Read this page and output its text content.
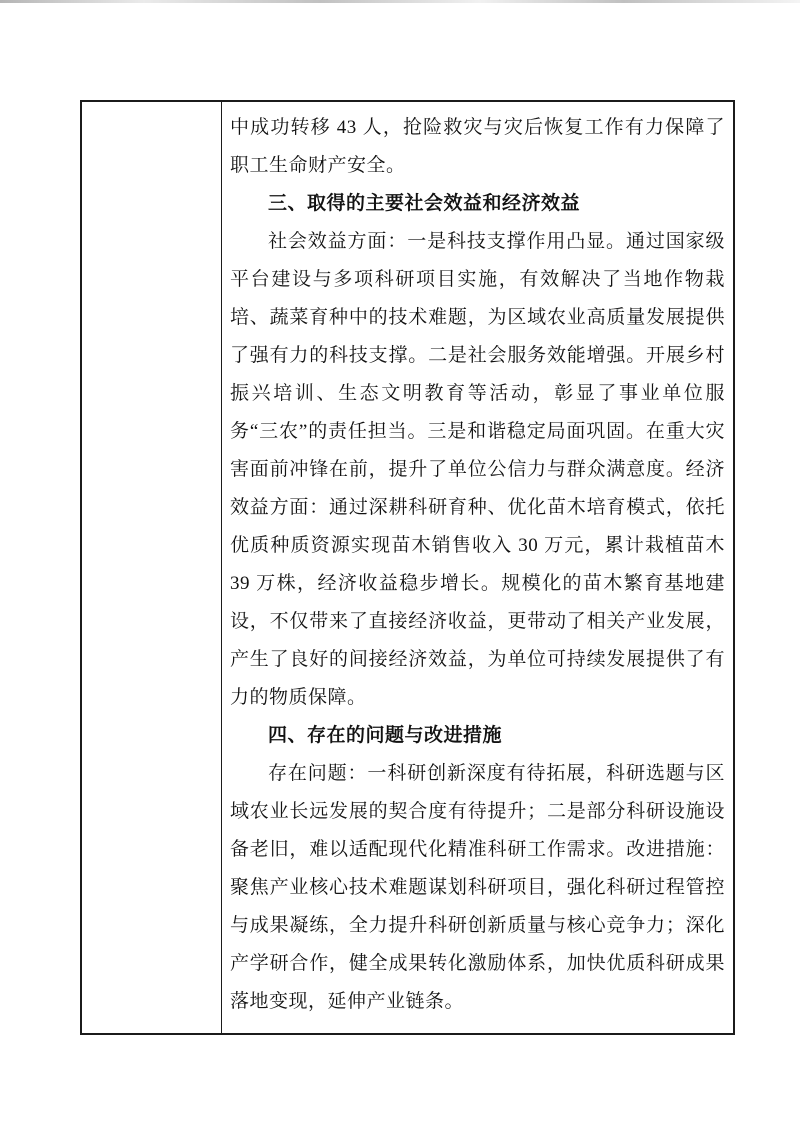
中成功转移 43 人，抢险救灾与灾后恢复工作有力保障了职工生命财产安全。

三、取得的主要社会效益和经济效益

社会效益方面：一是科技支撑作用凸显。通过国家级平台建设与多项科研项目实施，有效解决了当地作物栽培、蔬菜育种中的技术难题，为区域农业高质量发展提供了强有力的科技支撑。二是社会服务效能增强。开展乡村振兴培训、生态文明教育等活动，彰显了事业单位服务“三农”的责任担当。三是和谐稳定局面巩固。在重大灾害面前冲锋在前，提升了单位公信力与群众满意度。经济效益方面：通过深耕科研育种、优化苗木培育模式，依托优质种质资源实现苗木销售收入 30 万元，累计栽植苗木 39 万株，经济收益稳步增长。规模化的苗木繁育基地建设，不仅带来了直接经济收益，更带动了相关产业发展，产生了良好的间接经济效益，为单位可持续发展提供了有力的物质保障。

四、存在的问题与改进措施

存在问题：一科研创新深度有待拓展，科研选题与区域农业长远发展的契合度有待提升；二是部分科研设施设备老旧，难以适配现代化精准科研工作需求。改进措施：聚焦产业核心技术难题谋划科研项目，强化科研过程管控与成果凝练，全力提升科研创新质量与核心竞争力；深化产学研合作，健全成果转化激励体系，加快优质科研成果落地变现，延伸产业链条。
